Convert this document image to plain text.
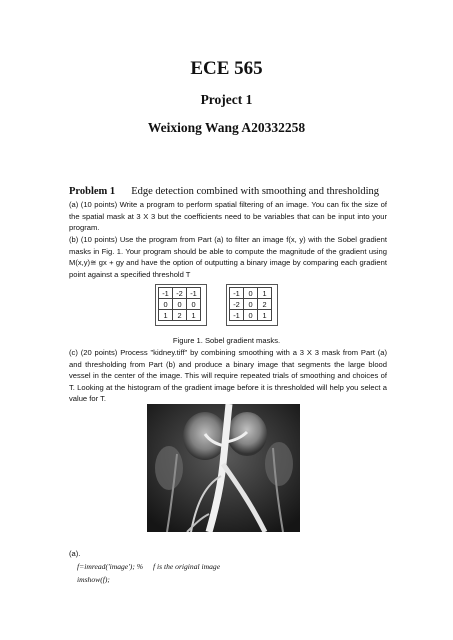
ECE 565
Project 1
Weixiong Wang A20332258
Problem 1 Edge detection combined with smoothing and thresholding
(a) (10 points) Write a program to perform spatial filtering of an image. You can fix the size of the spatial mask at 3 X 3 but the coefficients need to be variables that can be input into your program.
(b) (10 points) Use the program from Part (a) to filter an image f(x, y) with the Sobel gradient masks in Fig. 1. Your program should be able to compute the magnitude of the gradient using M(x,y)≅ gx + gy and have the option of outputting a binary image by comparing each gradient point against a specified threshold T
-1	-2	-1
0	0	0
1	2	1
-1	0	1
-2	0	2
-1	0	1
Figure 1. Sobel gradient masks.
(c) (20 points) Process "kidney.tiff" by combining smoothing with a 3 X 3 mask from Part (a) and thresholding from Part (b) and produce a binary image that segments the large blood vessel in the center of the image. This will require repeated trials of smoothing and choices of T. Looking at the histogram of the gradient image before it is thresholded will help you select a value for T.
(a).
f=imread('image'); % f is the original image
imshow(f);
